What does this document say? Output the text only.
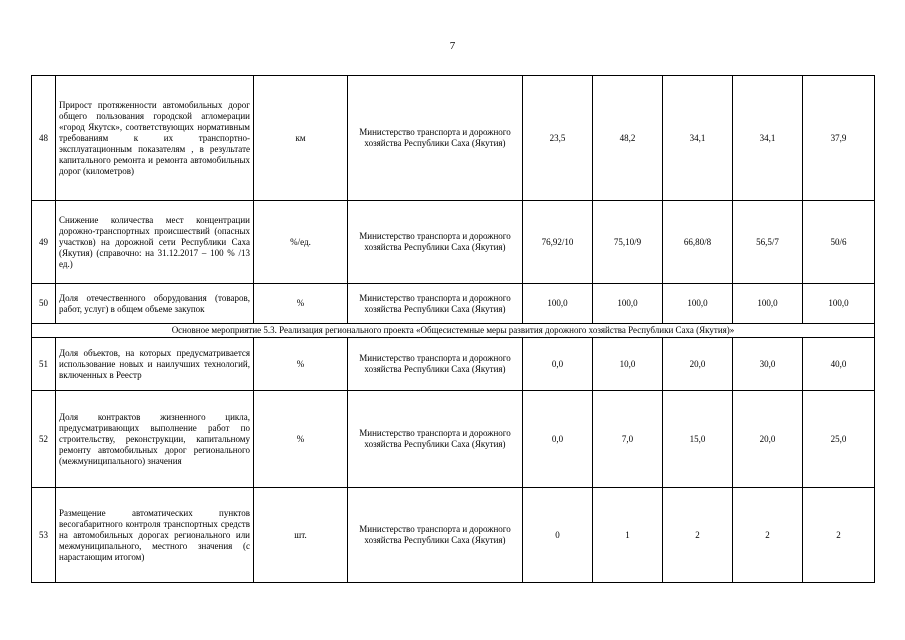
7
48	Прирост протяженности автомобильных дорог общего пользования городской агломерации «город Якутск», соответствующих нормативным требованиям к их транспортно-эксплуатационным показателям , в результате капитального ремонта и ремонта автомобильных дорог (километров)	км	Министерство транспорта и дорожного хозяйства Республики Саха (Якутия)	23,5	48,2	34,1	34,1	37,9
49	Снижение количества мест концентрации дорожно-транспортных происшествий (опасных участков) на дорожной сети Республики Саха (Якутия) (справочно: на 31.12.2017 – 100 % /13 ед.)	%/ед.	Министерство транспорта и дорожного хозяйства Республики Саха (Якутия)	76,92/10	75,10/9	66,80/8	56,5/7	50/6
50	Доля отечественного оборудования (товаров, работ, услуг) в общем объеме закупок	%	Министерство транспорта и дорожного хозяйства Республики Саха (Якутия)	100,0	100,0	100,0	100,0	100,0
Основное мероприятие 5.3. Реализация регионального проекта «Общесистемные меры развития дорожного хозяйства Республики Саха (Якутия)»								
51	Доля объектов, на которых предусматривается использование новых и наилучших технологий, включенных в Реестр	%	Министерство транспорта и дорожного хозяйства Республики Саха (Якутия)	0,0	10,0	20,0	30,0	40,0
52	Доля контрактов жизненного цикла, предусматривающих выполнение работ по строительству, реконструкции, капитальному ремонту автомобильных дорог регионального (межмуниципального) значения	%	Министерство транспорта и дорожного хозяйства Республики Саха (Якутия)	0,0	7,0	15,0	20,0	25,0
53	Размещение автоматических пунктов весогабаритного контроля транспортных средств на автомобильных дорогах регионального или межмуниципального, местного значения (с нарастающим итогом)	шт.	Министерство транспорта и дорожного хозяйства Республики Саха (Якутия)	0	1	2	2	2
